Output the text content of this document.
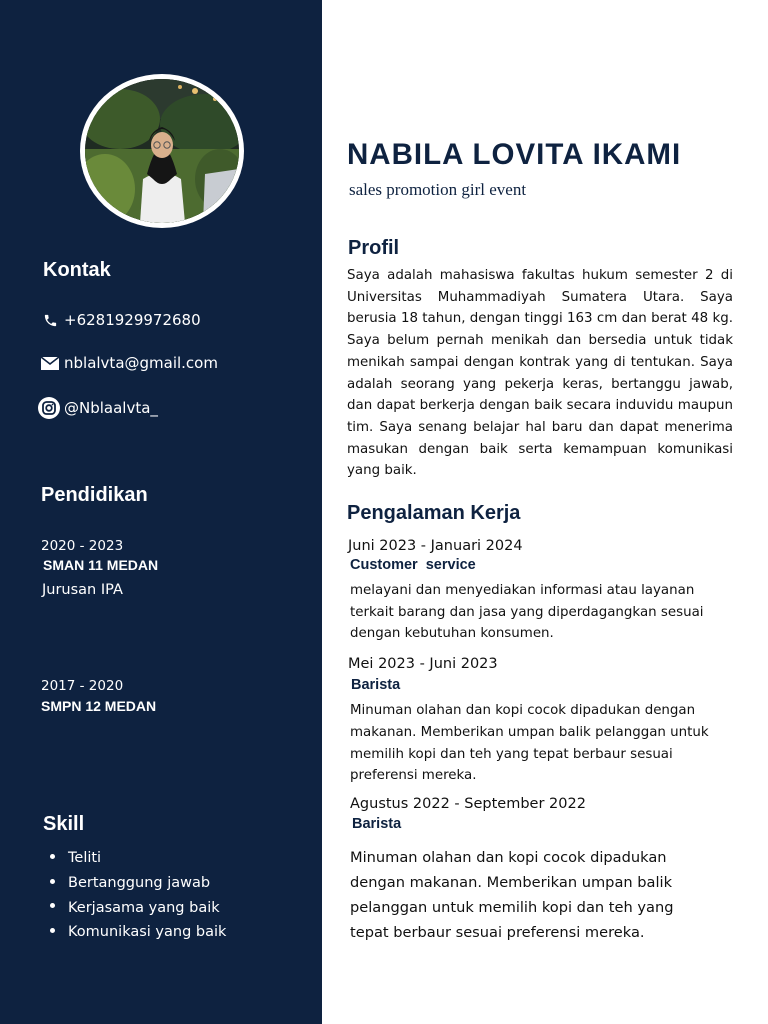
Kontak
+6281929972680
nblalvta@gmail.com
@Nblaalvta_
Pendidikan
2020 - 2023
SMAN 11 MEDAN
Jurusan IPA
2017 - 2020
SMPN 12 MEDAN
Skill
Teliti
Bertanggung jawab
Kerjasama yang baik
Komunikasi yang baik
NABILA LOVITA IKAMI
sales promotion girl event
Profil

Saya adalah mahasiswa fakultas hukum semester 2 di Universitas Muhammadiyah Sumatera Utara. Saya berusia 18 tahun, dengan tinggi 163 cm dan berat 48 kg. Saya belum pernah menikah dan bersedia untuk tidak menikah sampai dengan kontrak yang di tentukan. Saya adalah seorang yang pekerja keras, bertanggu jawab, dan dapat berkerja dengan baik secara induvidu maupun tim. Saya senang belajar hal baru dan dapat menerima masukan dengan baik serta kemampuan komunikasi yang baik.

Pengalaman Kerja
Juni 2023 - Januari 2024
Customer  service

melayani dan menyediakan informasi atau layanan terkait barang dan jasa yang diperdagangkan sesuai dengan kebutuhan konsumen.

Mei 2023 - Juni 2023
Barista

Minuman olahan dan kopi cocok dipadukan dengan makanan. Memberikan umpan balik pelanggan untuk memilih kopi dan teh yang tepat berbaur sesuai preferensi mereka.

Agustus 2022 - September 2022
Barista

Minuman olahan dan kopi cocok dipadukan dengan makanan. Memberikan umpan balik pelanggan untuk memilih kopi dan teh yang tepat berbaur sesuai preferensi mereka.
